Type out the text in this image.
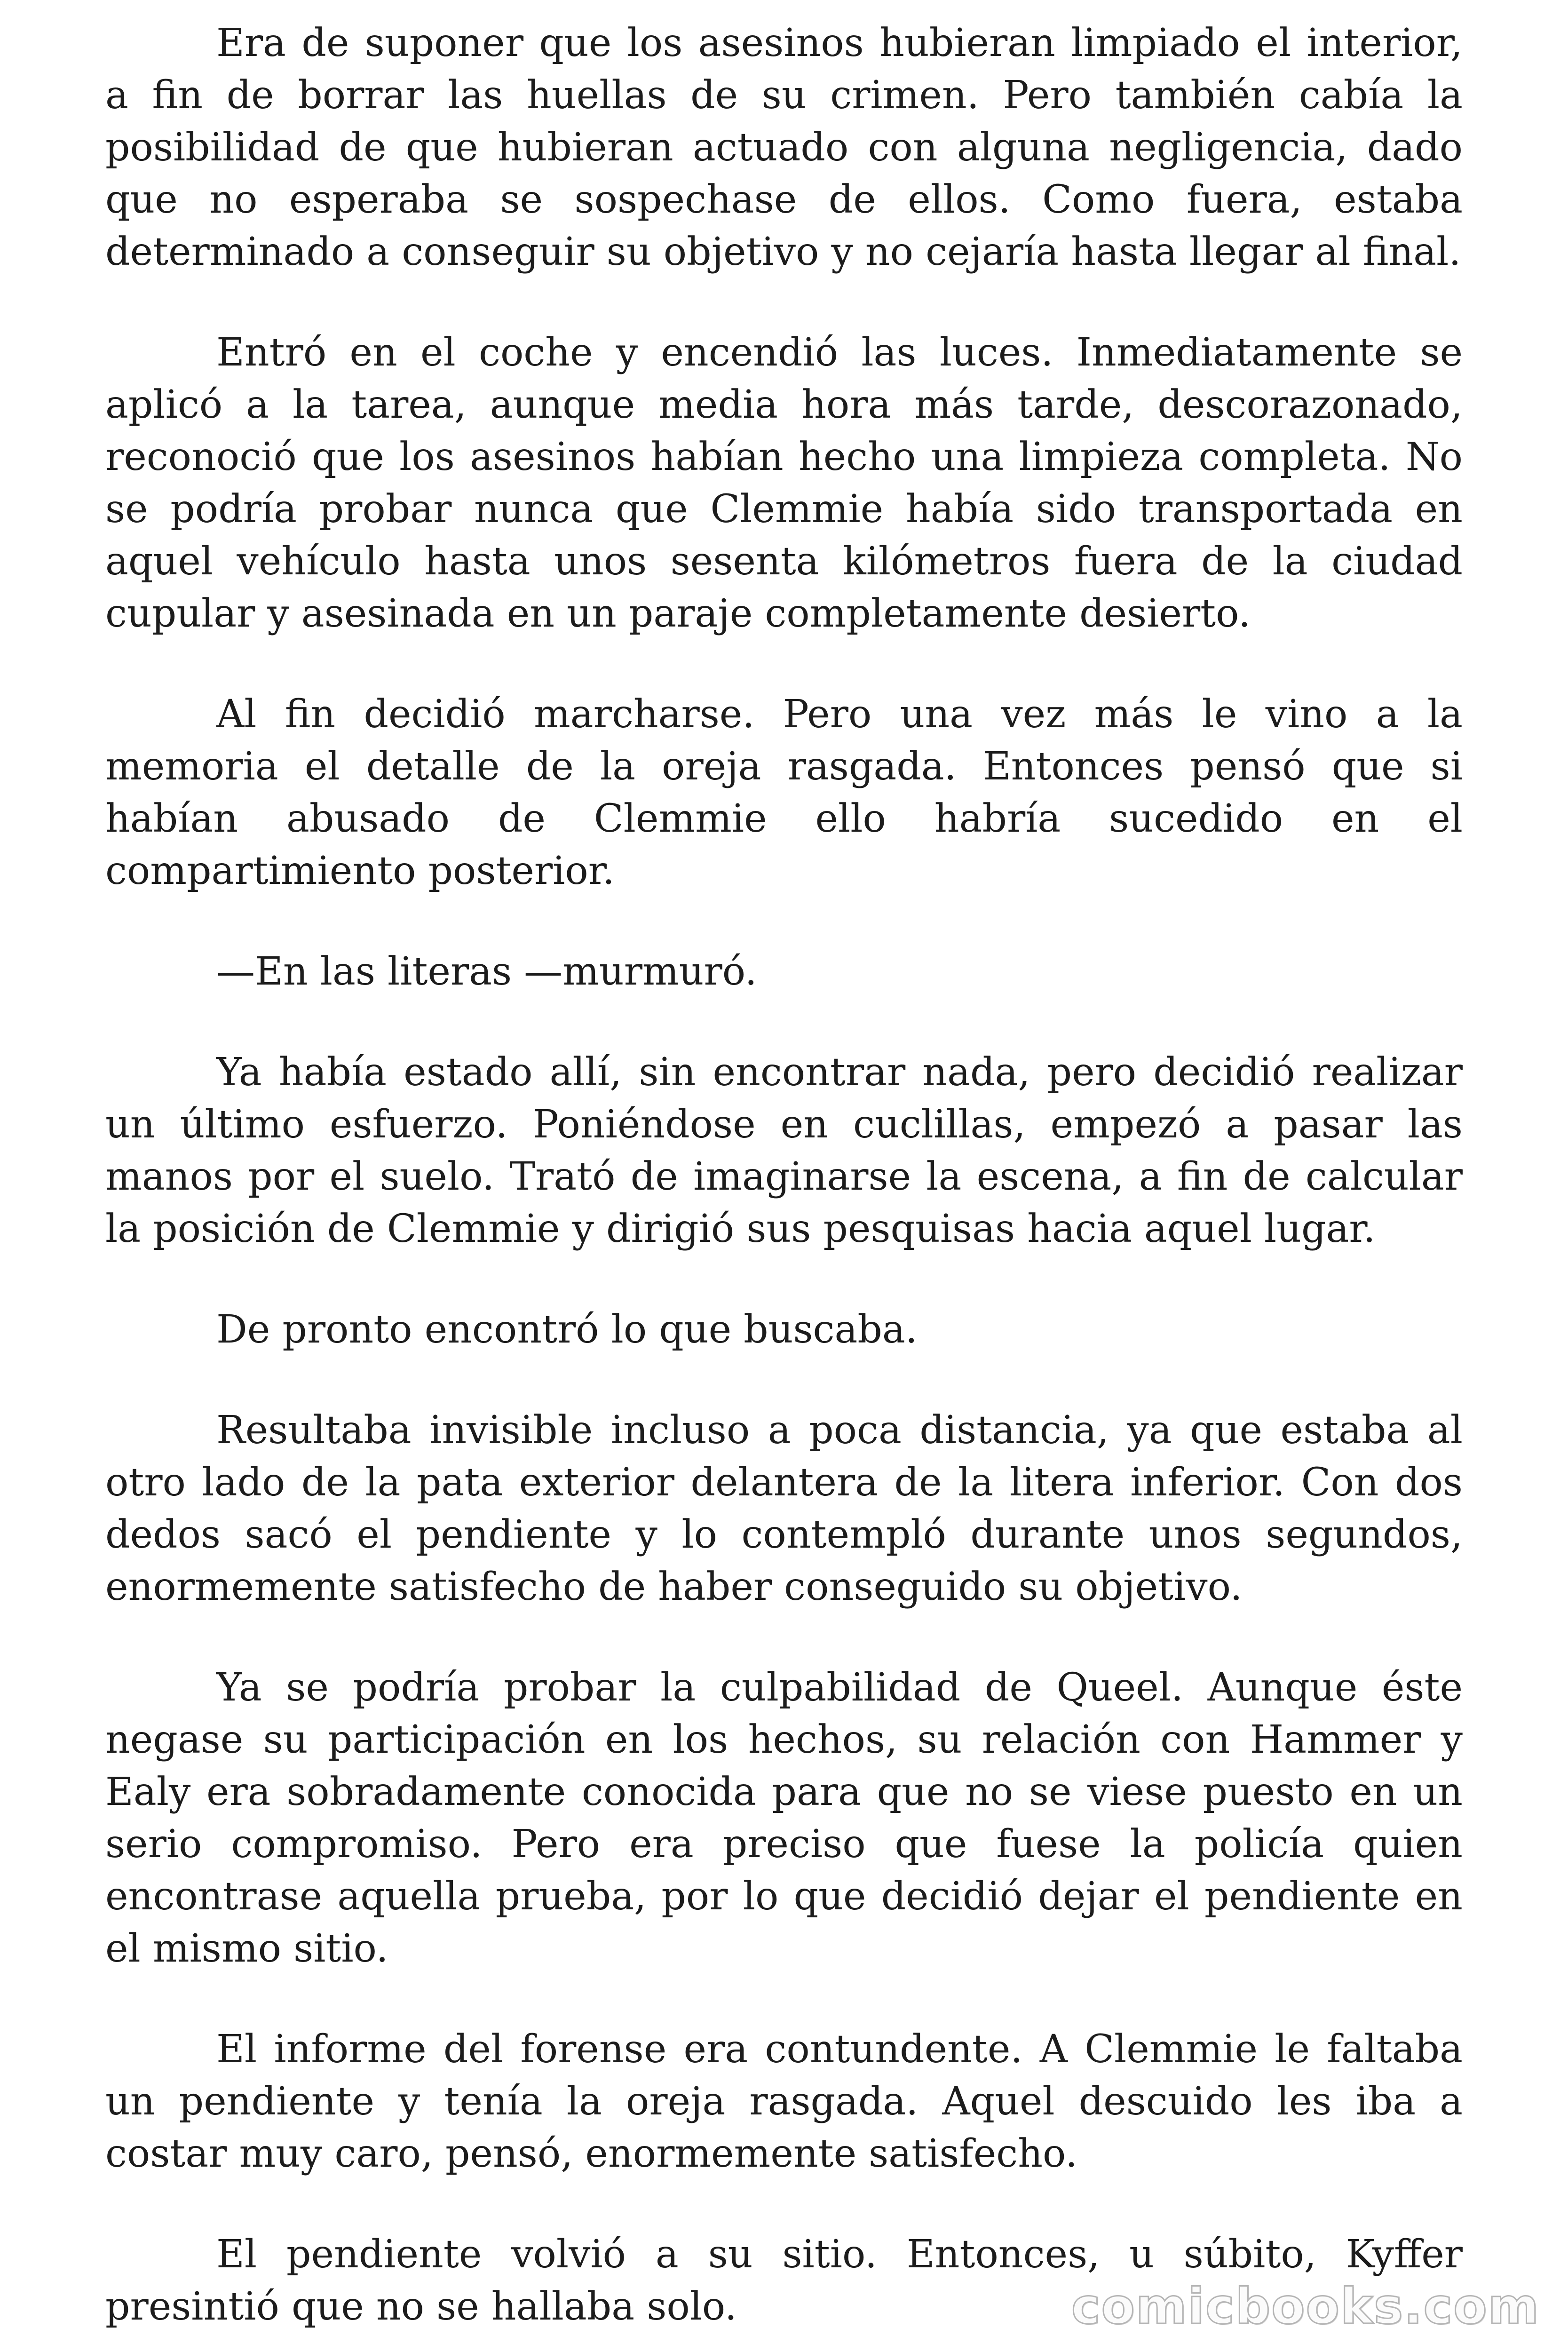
Era de suponer que los asesinos hubieran limpiado el interior, a fin de borrar las huellas de su crimen. Pero también cabía la posibilidad de que hubieran actuado con alguna negligencia, dado que no esperaba se sospechase de ellos. Como fuera, estaba determinado a conseguir su objetivo y no cejaría hasta llegar al final.

Entró en el coche y encendió las luces. Inmediatamente se aplicó a la tarea, aunque media hora más tarde, descorazonado, reconoció que los asesinos habían hecho una limpieza completa. No se podría probar nunca que Clemmie había sido transportada en aquel vehículo hasta unos sesenta kilómetros fuera de la ciudad cupular y asesinada en un paraje completamente desierto.

Al fin decidió marcharse. Pero una vez más le vino a la memoria el detalle de la oreja rasgada. Entonces pensó que si habían abusado de Clemmie ello habría sucedido en el compartimiento posterior.

—En las literas —murmuró.

Ya había estado allí, sin encontrar nada, pero decidió realizar un último esfuerzo. Poniéndose en cuclillas, empezó a pasar las manos por el suelo. Trató de imaginarse la escena, a fin de calcular la posición de Clemmie y dirigió sus pesquisas hacia aquel lugar.

De pronto encontró lo que buscaba.

Resultaba invisible incluso a poca distancia, ya que estaba al otro lado de la pata exterior delantera de la litera inferior. Con dos dedos sacó el pendiente y lo contempló durante unos segundos, enormemente satisfecho de haber conseguido su objetivo.

Ya se podría probar la culpabilidad de Queel. Aunque éste negase su participación en los hechos, su relación con Hammer y Ealy era sobradamente conocida para que no se viese puesto en un serio compromiso. Pero era preciso que fuese la policía quien encontrase aquella prueba, por lo que decidió dejar el pendiente en el mismo sitio.

El informe del forense era contundente. A Clemmie le faltaba un pendiente y tenía la oreja rasgada. Aquel descuido les iba a costar muy caro, pensó, enormemente satisfecho.

El pendiente volvió a su sitio. Entonces, u súbito, Kyffer presintió que no se hallaba solo.	comicbooks.com
